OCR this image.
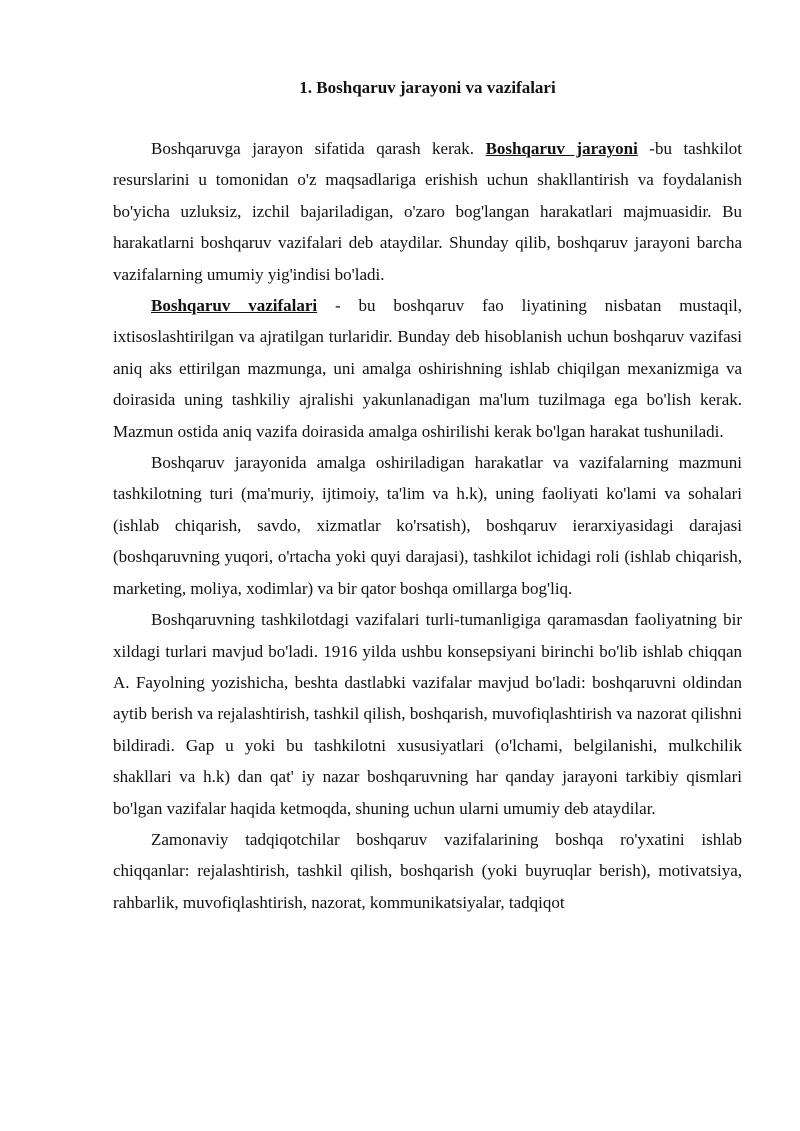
1. Boshqaruv jarayoni va vazifalari

Boshqaruvga jarayon sifatida qarash kerak. Boshqaruv jarayoni -bu tashkilot resurslarini u tomonidan o'z maqsadlariga erishish uchun shakllantirish va foydalanish bo'yicha uzluksiz, izchil bajariladigan, o'zaro bog'langan harakatlari majmuasidir. Bu harakatlarni boshqaruv vazifalari deb ataydilar. Shunday qilib, boshqaruv jarayoni barcha vazifalarning umumiy yig'indisi bo'ladi.

Boshqaruv vazifalari - bu boshqaruv fao liyatining nisbatan mustaqil, ixtisoslashtirilgan va ajratilgan turlaridir. Bunday deb hisoblanish uchun boshqaruv vazifasi aniq aks ettirilgan mazmunga, uni amalga oshirishning ishlab chiqilgan mexanizmiga va doirasida uning tashkiliy ajralishi yakunlanadigan ma'lum tuzilmaga ega bo'lish kerak. Mazmun ostida aniq vazifa doirasida amalga oshirilishi kerak bo'lgan harakat tushuniladi.

Boshqaruv jarayonida amalga oshiriladigan harakatlar va vazifalarning mazmuni tashkilotning turi (ma'muriy, ijtimoiy, ta'lim va h.k), uning faoliyati ko'lami va sohalari (ishlab chiqarish, savdo, xizmatlar ko'rsatish), boshqaruv ierarxiyasidagi darajasi (boshqaruvning yuqori, o'rtacha yoki quyi darajasi), tashkilot ichidagi roli (ishlab chiqarish, marketing, moliya, xodimlar) va bir qator boshqa omillarga bog'liq.

Boshqaruvning tashkilotdagi vazifalari turli-tumanligiga qaramasdan faoliyatning bir xildagi turlari mavjud bo'ladi. 1916 yilda ushbu konsepsiyani birinchi bo'lib ishlab chiqqan A. Fayolning yozishicha, beshta dastlabki vazifalar mavjud bo'ladi: boshqaruvni oldindan aytib berish va rejalashtirish, tashkil qilish, boshqarish, muvofiqlashtirish va nazorat qilishni bildiradi. Gap u yoki bu tashkilotni xususiyatlari (o'lchami, belgilanishi, mulkchilik shakllari va h.k) dan qat' iy nazar boshqaruvning har qanday jarayoni tarkibiy qismlari bo'lgan vazifalar haqida ketmoqda, shuning uchun ularni umumiy deb ataydilar.

Zamonaviy tadqiqotchilar boshqaruv vazifalarining boshqa ro'yxatini ishlab chiqqanlar: rejalashtirish, tashkil qilish, boshqarish (yoki buyruqlar berish), motivatsiya, rahbarlik, muvofiqlashtirish, nazorat, kommunikatsiyalar, tadqiqot
